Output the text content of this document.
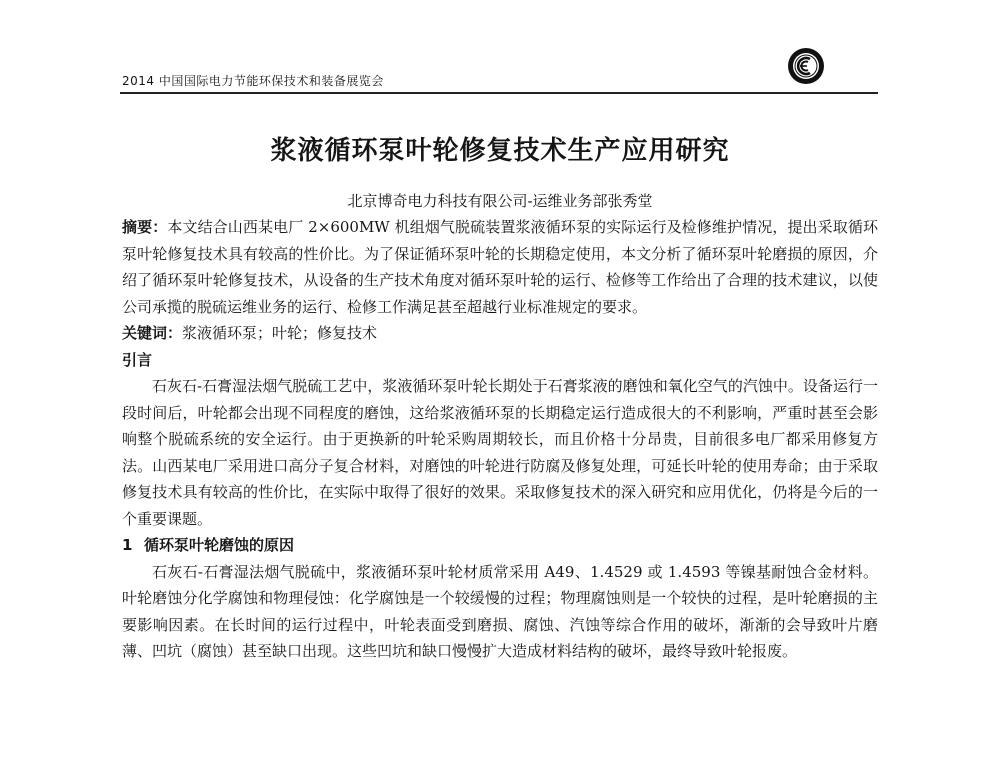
2014 中国国际电力节能环保技术和装备展览会
浆液循环泵叶轮修复技术生产应用研究
北京博奇电力科技有限公司-运维业务部张秀堂

摘要：本文结合山西某电厂 2×600MW 机组烟气脱硫装置浆液循环泵的实际运行及检修维护情况，提出采取循环泵叶轮修复技术具有较高的性价比。为了保证循环泵叶轮的长期稳定使用，本文分析了循环泵叶轮磨损的原因，介绍了循环泵叶轮修复技术，从设备的生产技术角度对循环泵叶轮的运行、检修等工作给出了合理的技术建议，以使公司承揽的脱硫运维业务的运行、检修工作满足甚至超越行业标准规定的要求。

关键词：浆液循环泵；叶轮；修复技术

引言

石灰石-石膏湿法烟气脱硫工艺中，浆液循环泵叶轮长期处于石膏浆液的磨蚀和氧化空气的汽蚀中。设备运行一段时间后，叶轮都会出现不同程度的磨蚀，这给浆液循环泵的长期稳定运行造成很大的不利影响，严重时甚至会影响整个脱硫系统的安全运行。由于更换新的叶轮采购周期较长，而且价格十分昂贵，目前很多电厂都采用修复方法。山西某电厂采用进口高分子复合材料，对磨蚀的叶轮进行防腐及修复处理，可延长叶轮的使用寿命；由于采取修复技术具有较高的性价比，在实际中取得了很好的效果。采取修复技术的深入研究和应用优化，仍将是今后的一个重要课题。

1 循环泵叶轮磨蚀的原因

石灰石-石膏湿法烟气脱硫中，浆液循环泵叶轮材质常采用 A49、1.4529 或 1.4593 等镍基耐蚀合金材料。叶轮磨蚀分化学腐蚀和物理侵蚀：化学腐蚀是一个较缓慢的过程；物理腐蚀则是一个较快的过程，是叶轮磨损的主要影响因素。在长时间的运行过程中，叶轮表面受到磨损、腐蚀、汽蚀等综合作用的破坏，渐渐的会导致叶片磨薄、凹坑（腐蚀）甚至缺口出现。这些凹坑和缺口慢慢扩大造成材料结构的破坏，最终导致叶轮报废。
